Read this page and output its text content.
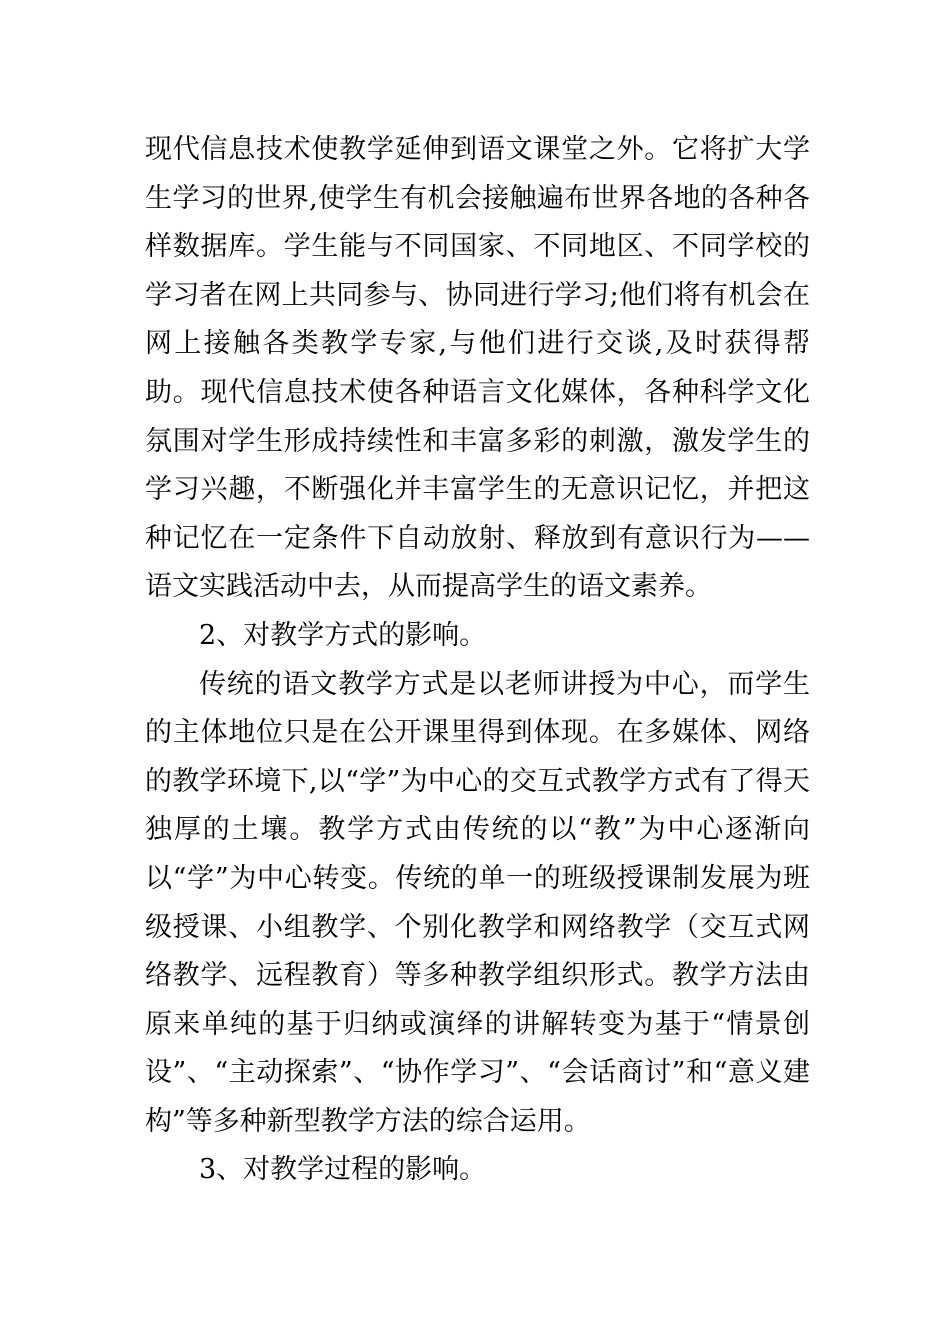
现代信息技术使教学延伸到语文课堂之外。它将扩大学生学习的世界,使学生有机会接触遍布世界各地的各种各样数据库。学生能与不同国家、不同地区、不同学校的学习者在网上共同参与、协同进行学习;他们将有机会在网上接触各类教学专家,与他们进行交谈,及时获得帮助。现代信息技术使各种语言文化媒体，各种科学文化氛围对学生形成持续性和丰富多彩的刺激，激发学生的学习兴趣，不断强化并丰富学生的无意识记忆，并把这种记忆在一定条件下自动放射、释放到有意识行为——语文实践活动中去，从而提高学生的语文素养。

2、对教学方式的影响。

传统的语文教学方式是以老师讲授为中心，而学生的主体地位只是在公开课里得到体现。在多媒体、网络的教学环境下,以“学”为中心的交互式教学方式有了得天独厚的土壤。教学方式由传统的以“教”为中心逐渐向以“学”为中心转变。传统的单一的班级授课制发展为班级授课、小组教学、个别化教学和网络教学（交互式网络教学、远程教育）等多种教学组织形式。教学方法由原来单纯的基于归纳或演绎的讲解转变为基于“情景创设”、“主动探索”、“协作学习”、“会话商讨”和“意义建构”等多种新型教学方法的综合运用。

3、对教学过程的影响。
